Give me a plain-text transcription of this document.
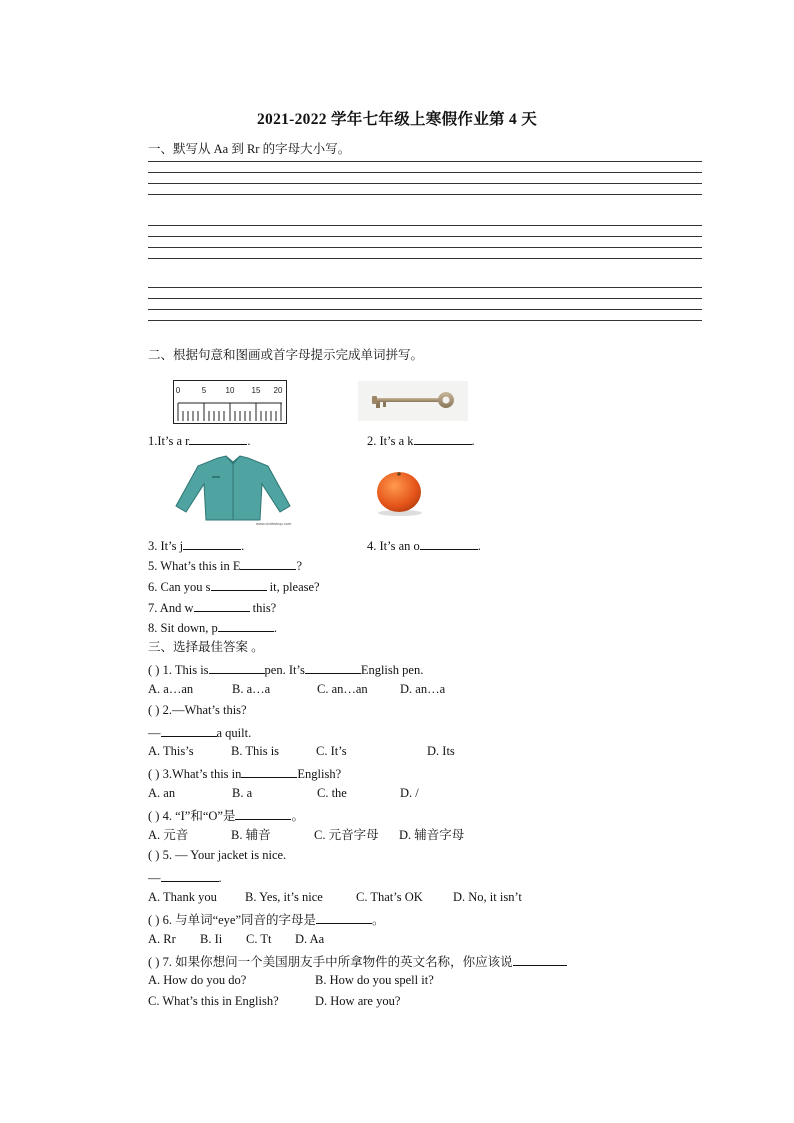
2021-2022 学年七年级上寒假作业第 4 天
一、默写从 Aa 到 Rr 的字母大小写。
二、根据句意和图画或首字母提示完成单词拼写。
0	5 10 15 20
1.It’s a r	.	2. It’s a k	.
www.clothshop.com
3. It’s j	.	4. It’s an o	.
5. What’s this in E	?
6. Can you s	it, please?
7. And w	this?
8. Sit down, p	.
三、选择最佳答案 。
( ) 1. This is	pen. It’s	English pen.
A. a…an	B. a…a	C. an…an	D. an…a
( ) 2.—What’s this?
—	a quilt.
A. This’s	B. This is	C. It’s	D. Its
( ) 3.What’s this in	English?
A. an	B. a	C. the	D. /
( ) 4. “I”和“O”是	。
A. 元音	B. 辅音	C. 元音字母 D. 辅音字母
( ) 5. — Your jacket is nice.
—	.
A. Thank you B. Yes, it’s nice	C. That’s OK D. No, it isn’t
( ) 6. 与单词“eye”同音的字母是	。
A. Rr B. Ii C. Tt D. Aa
( ) 7. 如果你想问一个美国朋友手中所拿物件的英文名称，你应该说
A. How do you do?	B. How do you spell it?
C. What’s this in English?	D. How are you?
